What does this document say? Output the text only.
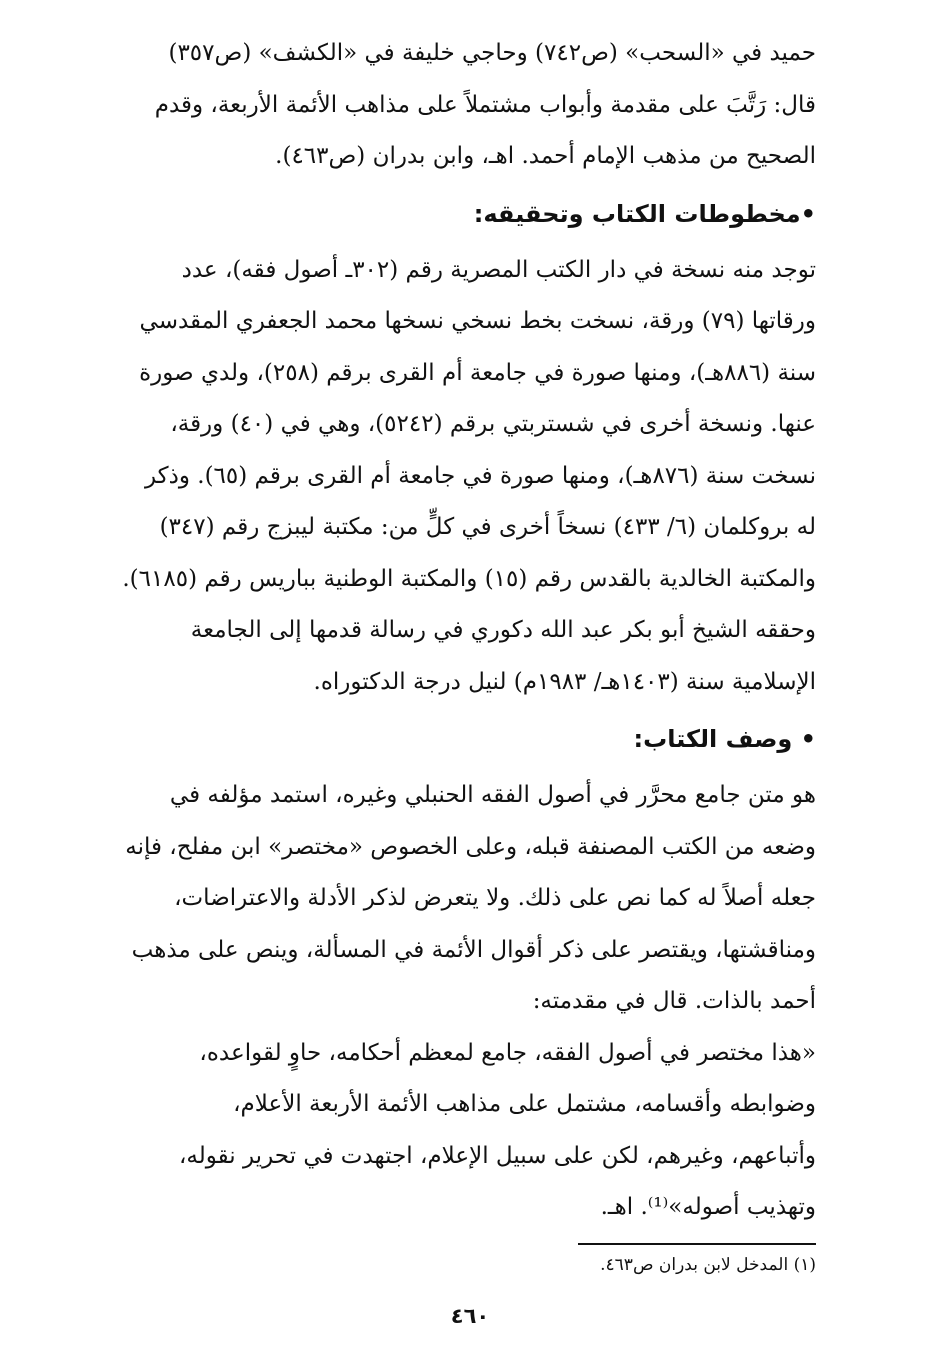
حميد في «السحب» (ص٧٤٢) وحاجي خليفة في «الكشف» (ص٣٥٧)

قال: رَتَّبَ على مقدمة وأبواب مشتملاً على مذاهب الأئمة الأربعة، وقدم

الصحيح من مذهب الإمام أحمد. اهـ، وابن بدران (ص٤٦٣).

•مخطوطات الكتاب وتحقيقه:

توجد منه نسخة في دار الكتب المصرية رقم (٣٠٢ـ أصول فقه)، عدد

ورقاتها (٧٩) ورقة، نسخت بخط نسخي نسخها محمد الجعفري المقدسي

سنة (٨٨٦هـ)، ومنها صورة في جامعة أم القرى برقم (٢٥٨)، ولدي صورة

عنها. ونسخة أخرى في شستربتي برقم (٥٢٤٢)، وهي في (٤٠) ورقة،

نسخت سنة (٨٧٦هـ)، ومنها صورة في جامعة أم القرى برقم (٦٥). وذكر

له بروكلمان (٦/ ٤٣٣) نسخاً أخرى في كلٍّ من: مكتبة ليبزج رقم (٣٤٧)

والمكتبة الخالدية بالقدس رقم (١٥) والمكتبة الوطنية بباريس رقم (٦١٨٥).

وحققه الشيخ أبو بكر عبد الله دكوري في رسالة قدمها إلى الجامعة

الإسلامية سنة (١٤٠٣هـ/ ١٩٨٣م) لنيل درجة الدكتوراه.

• وصف الكتاب:

هو متن جامع محرَّر في أصول الفقه الحنبلي وغيره، استمد مؤلفه في

وضعه من الكتب المصنفة قبله، وعلى الخصوص «مختصر» ابن مفلح، فإنه

جعله أصلاً له كما نص على ذلك. ولا يتعرض لذكر الأدلة والاعتراضات،

ومناقشتها، ويقتصر على ذكر أقوال الأئمة في المسألة، وينص على مذهب

أحمد بالذات. قال في مقدمته:

«هذا مختصر في أصول الفقه، جامع لمعظم أحكامه، حاوٍ لقواعده،

وضوابطه وأقسامه، مشتمل على مذاهب الأئمة الأربعة الأعلام،

وأتباعهم، وغيرهم، لكن على سبيل الإعلام، اجتهدت في تحرير نقوله،

وتهذيب أصوله»⁽¹⁾. اهـ.

(١) المدخل لابن بدران ص٤٦٣.

٤٦٠
